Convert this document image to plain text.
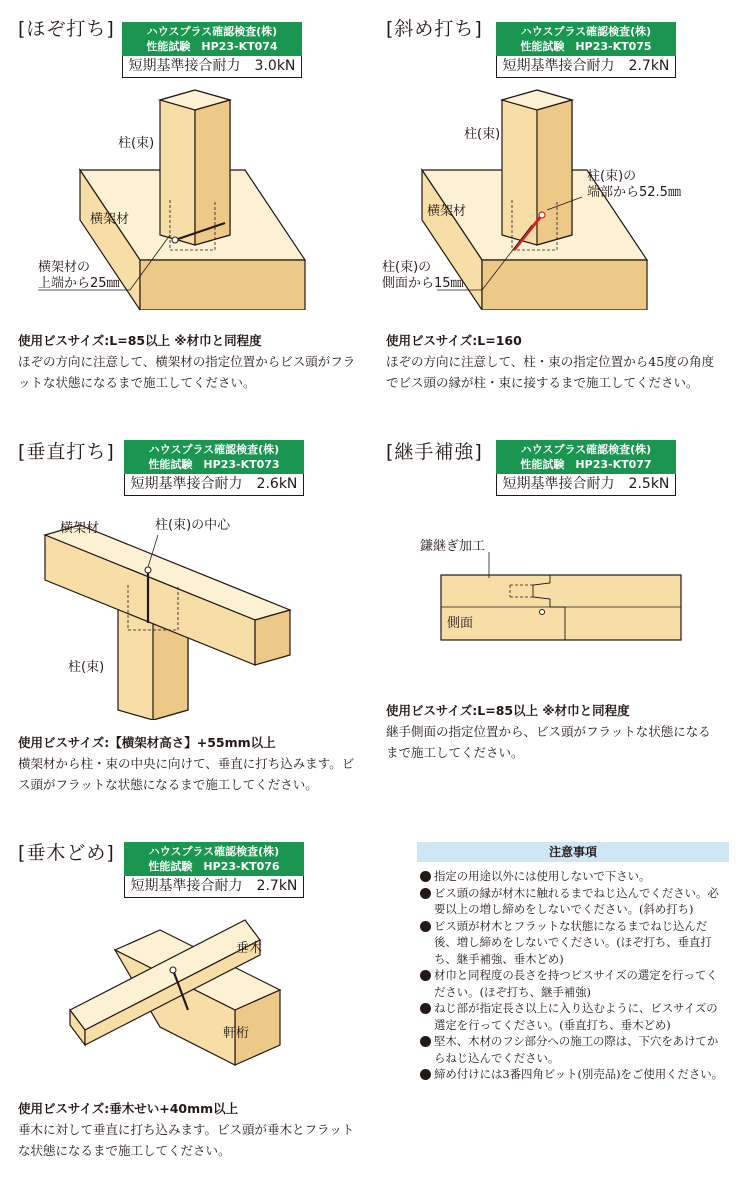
[ほぞ打ち]	ハウスプラス確認検査(株)
性能試験　HP23-KT074
短期基準接合耐力　3.0kN
柱(束)
横架材
横架材の
上端から25㎜
使用ビスサイズ:L=85以上 ※材巾と同程度
ほぞの方向に注意して、横架材の指定位置からビス頭がフラットな状態になるまで施工してください。
[斜め打ち]	ハウスプラス確認検査(株)
性能試験　HP23-KT075
短期基準接合耐力　2.7kN
柱(束)
横架材
柱(束)の
端部から52.5㎜
柱(束)の
側面から15㎜
使用ビスサイズ:L=160
ほぞの方向に注意して、柱・束の指定位置から45度の角度でビス頭の縁が柱・束に接するまで施工してください。
[垂直打ち]	ハウスプラス確認検査(株)
性能試験　HP23-KT073
短期基準接合耐力　2.6kN
横架材	柱(束)の中心
柱(束)
使用ビスサイズ:【横架材高さ】+55mm以上
横架材から柱・束の中央に向けて、垂直に打ち込みます。ビス頭がフラットな状態になるまで施工してください。
[継手補強]	ハウスプラス確認検査(株)
性能試験　HP23-KT077
短期基準接合耐力　2.5kN
鎌継ぎ加工
側面
使用ビスサイズ:L=85以上 ※材巾と同程度
継手側面の指定位置から、ビス頭がフラットな状態になるまで施工してください。
[垂木どめ]	ハウスプラス確認検査(株)
性能試験　HP23-KT076
短期基準接合耐力　2.7kN
垂木
軒桁
使用ビスサイズ:垂木せい+40mm以上
垂木に対して垂直に打ち込みます。ビス頭が垂木とフラットな状態になるまで施工してください。
注意事項
指定の用途以外には使用しないで下さい。
ビス頭の縁が材木に触れるまでねじ込んでください。必要以上の増し締めをしないでください。(斜め打ち)
ビス頭が材木とフラットな状態になるまでねじ込んだ後、増し締めをしないでください。(ほぞ打ち、垂直打ち、継手補強、垂木どめ)
材巾と同程度の長さを持つビスサイズの選定を行ってください。(ほぞ打ち、継手補強)
ねじ部が指定長さ以上に入り込むように、ビスサイズの選定を行ってください。(垂直打ち、垂木どめ)
堅木、木材のフシ部分への施工の際は、下穴をあけてからねじ込んでください。
締め付けには3番四角ビット(別売品)をご使用ください。
